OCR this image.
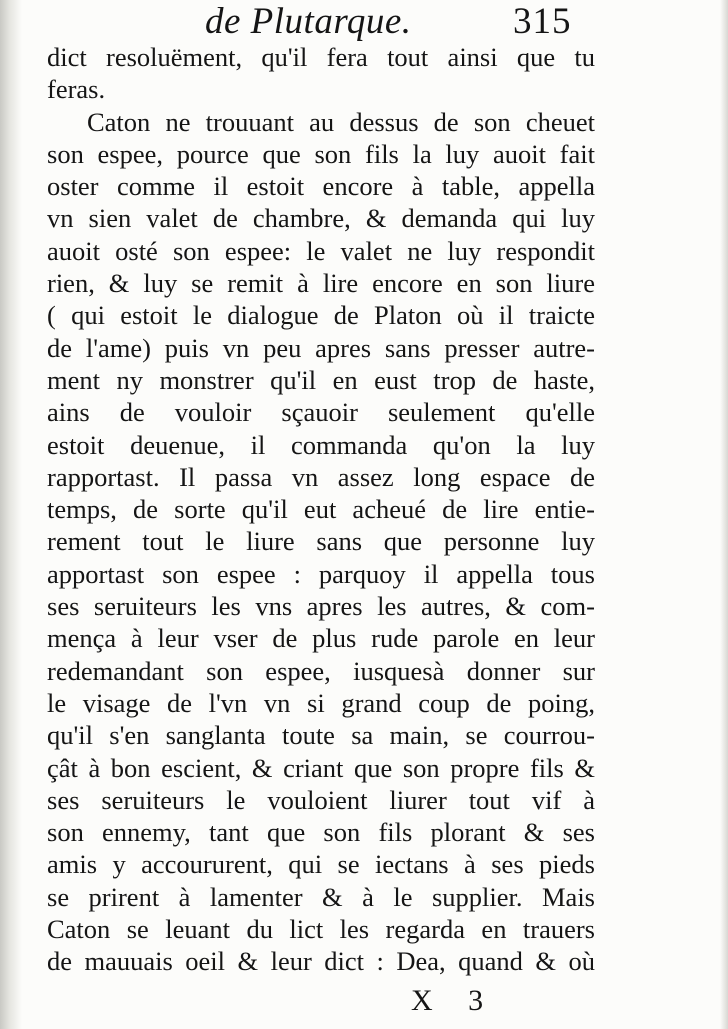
de Plutarque.	315
dict resoluëment, qu'il fera tout ainsi que tu
feras.
Caton ne trouuant au dessus de son cheuet
son espee, pource que son fils la luy auoit fait
oster comme il estoit encore à table, appella
vn sien valet de chambre, & demanda qui luy
auoit osté son espee: le valet ne luy respondit
rien, & luy se remit à lire encore en son liure
( qui estoit le dialogue de Platon où il traicte
de l'ame) puis vn peu apres sans presser autre-
ment ny monstrer qu'il en eust trop de haste,
ains de vouloir sçauoir seulement qu'elle
estoit deuenue, il commanda qu'on la luy
rapportast. Il passa vn assez long espace de
temps, de sorte qu'il eut acheué de lire entie-
rement tout le liure sans que personne luy
apportast son espee : parquoy il appella tous
ses seruiteurs les vns apres les autres, & com-
mença à leur vser de plus rude parole en leur
redemandant son espee, iusquesà donner sur
le visage de l'vn vn si grand coup de poing,
qu'il s'en sanglanta toute sa main, se courrou-
çât à bon escient, & criant que son propre fils &
ses seruiteurs le vouloient liurer tout vif à
son ennemy, tant que son fils plorant & ses
amis y accoururent, qui se iectans à ses pieds
se prirent à lamenter & à le supplier. Mais
Caton se leuant du lict les regarda en trauers
de mauuais oeil & leur dict : Dea, quand & où
X 3
